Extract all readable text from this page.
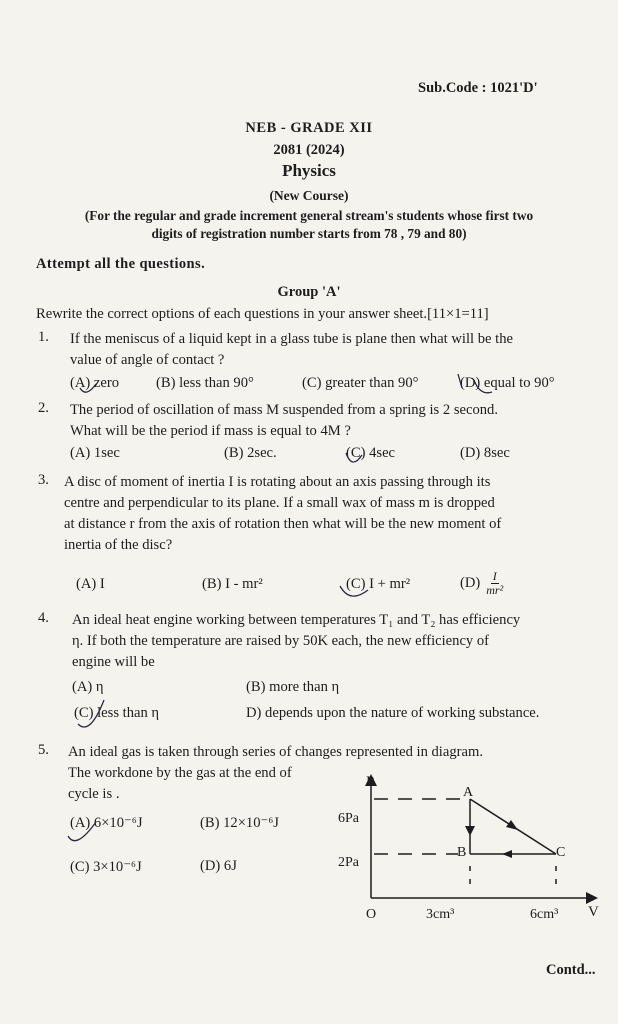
Sub.Code : 1021'D'
NEB - GRADE XII
2081 (2024)
Physics
(New Course)
(For the regular and grade increment general stream's students whose first two
digits of registration number starts from 78 , 79 and 80)
Attempt all the questions.
Group 'A'
Rewrite the correct options of each questions in your answer sheet.[11×1=11]
1. If the meniscus of a liquid kept in a glass tube is plane then what will be the
value of angle of contact ?
(A) zero	(B) less than 90°	(C) greater than 90°	(D) equal to 90°
2. The period of oscillation of mass M suspended from a spring is 2 second.
What will be the period if mass is equal to 4M ?
(A) 1sec	(B) 2sec.	(C) 4sec	(D) 8sec
3. A disc of moment of inertia I is rotating about an axis passing through its
centre and perpendicular to its plane. If a small wax of mass m is dropped
at distance r from the axis of rotation then what will be the new moment of
inertia of the disc?
(A) I	(B) I - mr²	(C) I + mr²	$(D) \frac{I}{\text{mr²}}$
4. An ideal heat engine working between temperatures T₁ and T₂ has efficiency
η. If both the temperature are raised by 50K each, the new efficiency of
engine will be
(A) η	(B) more than η
(C) less than η	D) depends upon the nature of working substance.
5. An ideal gas is taken through series of changes represented in diagram.
The workdone by the gas at the end of
cycle is .
(A) 6×10⁻⁶J	(B) 12×10⁻⁶J
(C) 3×10⁻⁶J	(D) 6J
P
V
O
A
B	C
6Pa
2Pa
3cm³	6cm³
Contd...
